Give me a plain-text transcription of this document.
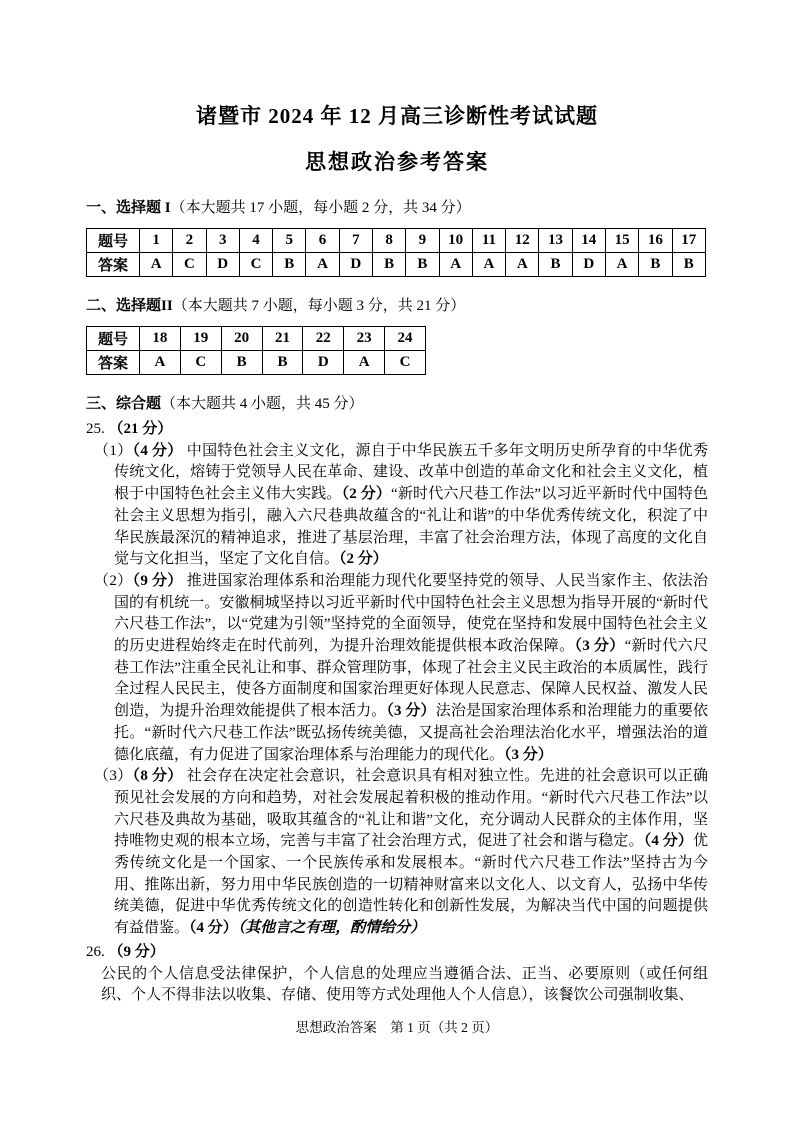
诸暨市 2024 年 12 月高三诊断性考试试题
思想政治参考答案
一、选择题 I（本大题共 17 小题，每小题 2 分，共 34 分）
题号	1	2	3	4	5	6	7	8	9	10	11	12	13	14	15	16	17
答案	A	C	D	C	B	A	D	B	B	A	A	A	B	D	A	B	B
二、选择题II（本大题共 7 小题，每小题 3 分，共 21 分）
题号	18	19	20	21	22	23	24
答案	A	C	B	B	D	A	C
三、综合题（本大题共 4 小题，共 45 分）
25. （21 分）
（1）（4 分） 中国特色社会主义文化，源自于中华民族五千多年文明历史所孕育的中华优秀传统文化，熔铸于党领导人民在革命、建设、改革中创造的革命文化和社会主义文化，植根于中国特色社会主义伟大实践。（2 分）“新时代六尺巷工作法”以习近平新时代中国特色社会主义思想为指引，融入六尺巷典故蕴含的“礼让和谐”的中华优秀传统文化，积淀了中华民族最深沉的精神追求，推进了基层治理，丰富了社会治理方法，体现了高度的文化自觉与文化担当，坚定了文化自信。（2 分）
（2）（9 分） 推进国家治理体系和治理能力现代化要坚持党的领导、人民当家作主、依法治国的有机统一。安徽桐城坚持以习近平新时代中国特色社会主义思想为指导开展的“新时代六尺巷工作法”，以“党建为引领”坚持党的全面领导，使党在坚持和发展中国特色社会主义的历史进程始终走在时代前列，为提升治理效能提供根本政治保障。（3 分）“新时代六尺巷工作法”注重全民礼让和事、群众管理防事，体现了社会主义民主政治的本质属性，践行全过程人民民主，使各方面制度和国家治理更好体现人民意志、保障人民权益、激发人民创造，为提升治理效能提供了根本活力。（3 分）法治是国家治理体系和治理能力的重要依托。“新时代六尺巷工作法”既弘扬传统美德，又提高社会治理法治化水平，增强法治的道德化底蕴，有力促进了国家治理体系与治理能力的现代化。（3 分）
（3）（8 分） 社会存在决定社会意识，社会意识具有相对独立性。先进的社会意识可以正确预见社会发展的方向和趋势，对社会发展起着积极的推动作用。“新时代六尺巷工作法”以六尺巷及典故为基础，吸取其蕴含的“礼让和谐”文化，充分调动人民群众的主体作用，坚持唯物史观的根本立场，完善与丰富了社会治理方式，促进了社会和谐与稳定。（4 分）优秀传统文化是一个国家、一个民族传承和发展根本。“新时代六尺巷工作法”坚持古为今用、推陈出新，努力用中华民族创造的一切精神财富来以文化人、以文育人，弘扬中华传统美德，促进中华优秀传统文化的创造性转化和创新性发展，为解决当代中国的问题提供有益借鉴。（4 分）（其他言之有理，酌情给分）
26. （9 分）
公民的个人信息受法律保护，个人信息的处理应当遵循合法、正当、必要原则（或任何组织、个人不得非法以收集、存储、使用等方式处理他人个人信息），该餐饮公司强制收集、
思想政治答案　第 1 页（共 2 页）
